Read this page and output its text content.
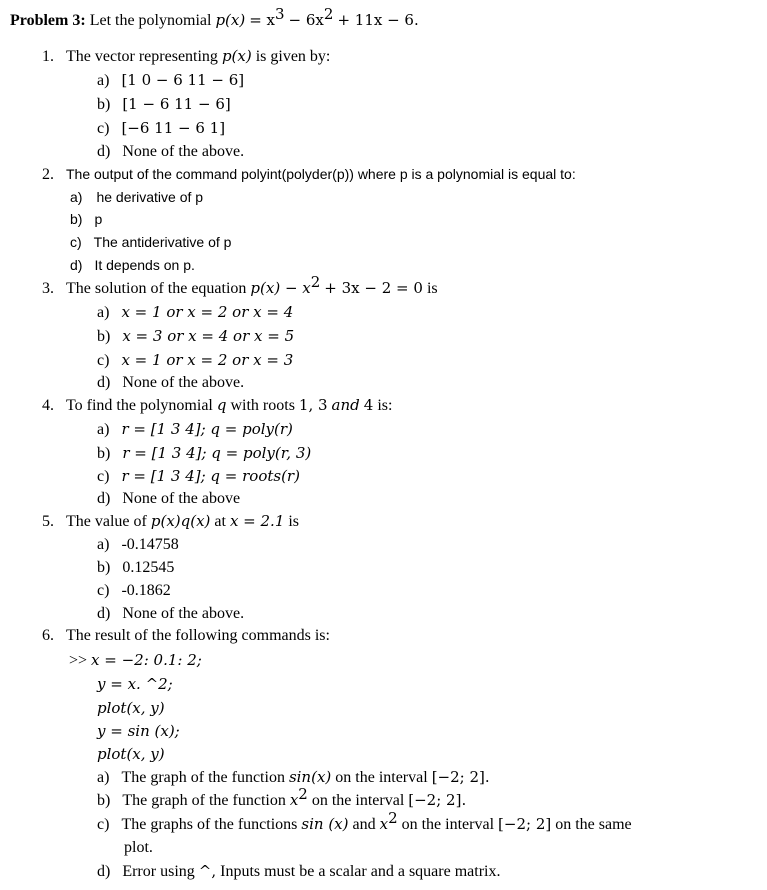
Problem 3: Let the polynomial $p(x) = x^3 - 6x^2 + 11x - 6$.
1. The vector representing p(x) is given by:
a) [1 0 − 6 11 − 6]
b) [1 − 6 11 − 6]
c) [−6 11 − 6 1]
d) None of the above.
2. The output of the command polyint(polyder(p)) where p is a polynomial is equal to:
a) he derivative of p
b) p
c) The antiderivative of p
d) It depends on p.
3. The solution of the equation $p(x) - x^2 + 3x - 2 = 0$ is
a) x = 1 or x = 2 or x = 4
b) x = 3 or x = 4 or x = 5
c) x = 1 or x = 2 or x = 3
d) None of the above.
4. To find the polynomial q with roots 1, 3 and 4 is:
a) r = [1 3 4]; q = poly(r)
b) r = [1 3 4]; q = poly(r, 3)
c) r = [1 3 4]; q = roots(r)
d) None of the above
5. The value of p(x)q(x) at x = 2.1 is
a) -0.14758
b) 0.12545
c) -0.1862
d) None of the above.
6. The result of the following commands is:
>> x = −2: 0.1: 2;
y = x. ^2;
plot(x, y)
y = sin (x);
plot(x, y)
a) The graph of the function sin(x) on the interval [−2; 2].
b) The graph of the function $x^2$ on the interval [−2; 2].
c) The graphs of the functions sin (x) and $x^2$ on the interval [−2; 2] on the same
plot.
d) Error using ^, Inputs must be a scalar and a square matrix.
